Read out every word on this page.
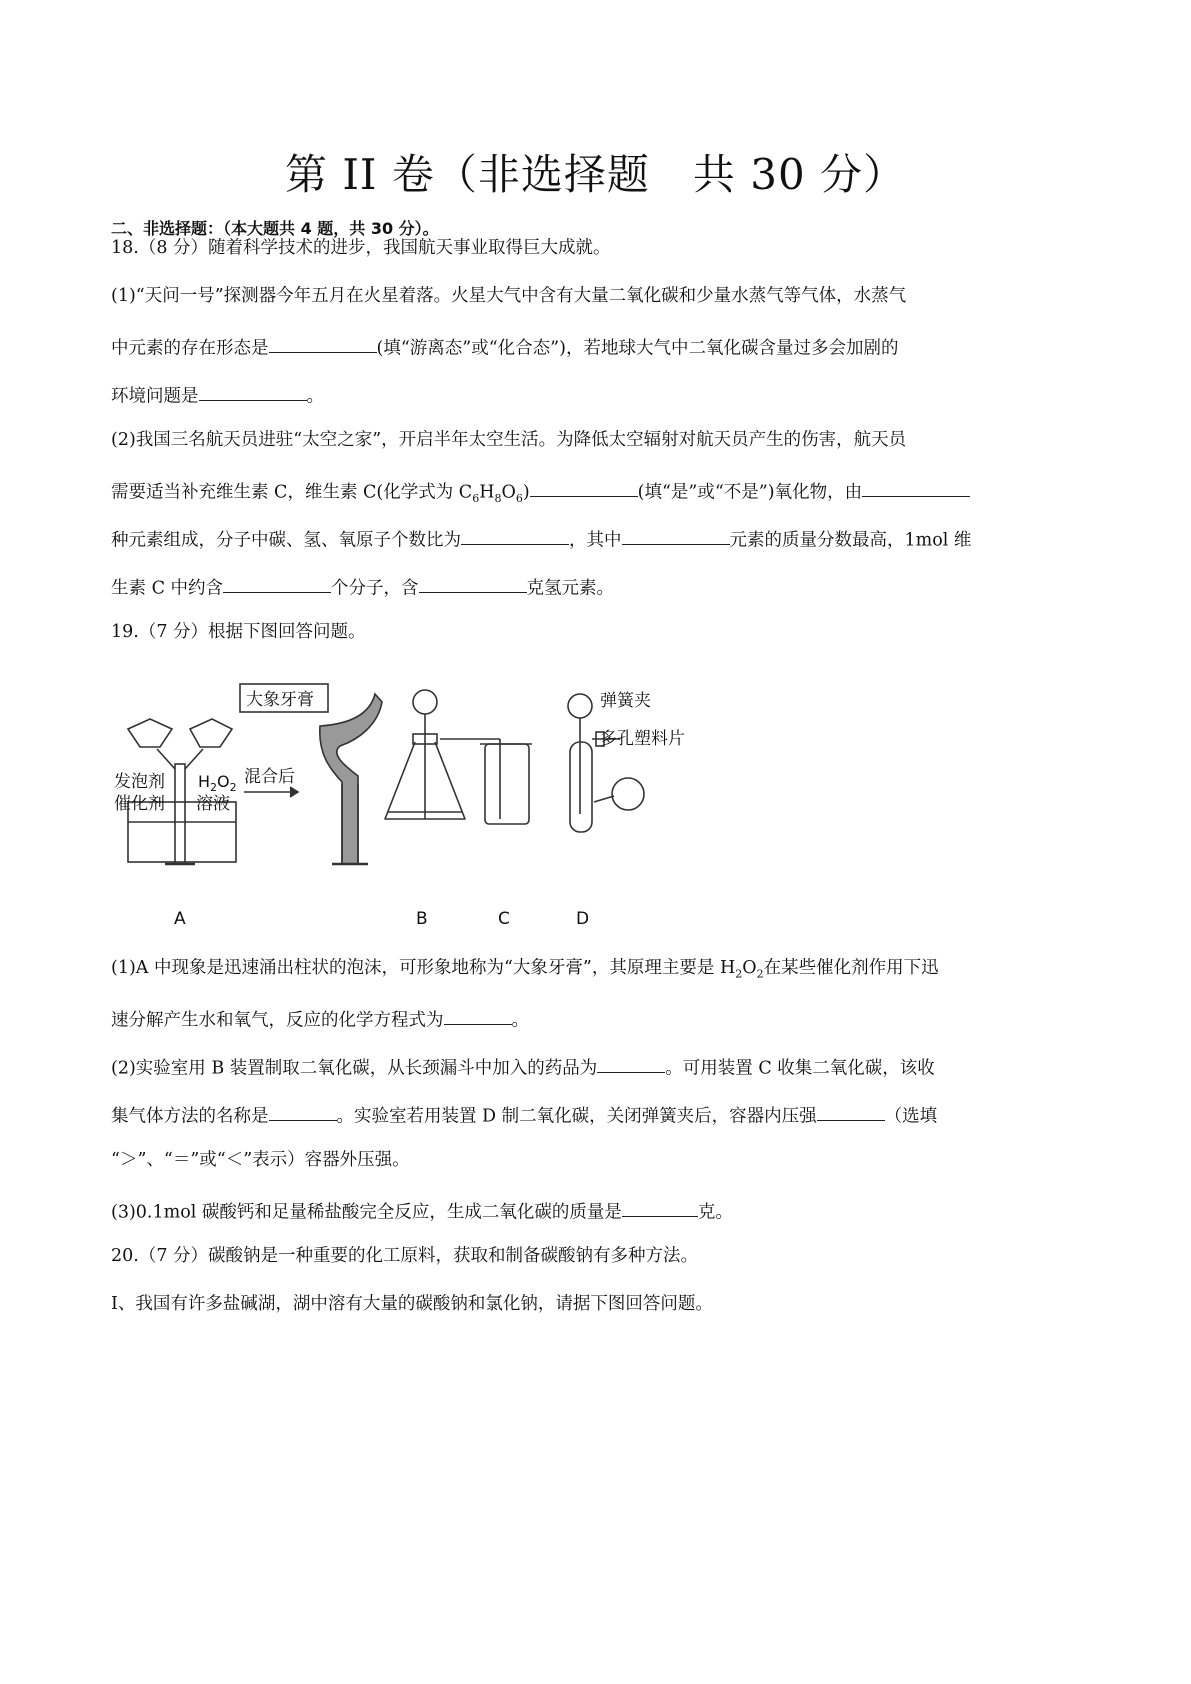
第 II 卷（非选择题　共 30 分）

二、非选择题：（本大题共 4 题，共 30 分）。

18.（8 分）随着科学技术的进步，我国航天事业取得巨大成就。

(1)“天问一号”探测器今年五月在火星着落。火星大气中含有大量二氧化碳和少量水蒸气等气体，水蒸气

中元素的存在形态是	(填“游离态”或“化合态”)，若地球大气中二氧化碳含量过多会加剧的

环境问题是	。

(2)我国三名航天员进驻“太空之家”，开启半年太空生活。为降低太空辐射对航天员产生的伤害，航天员

需要适当补充维生素 C，维生素 C(化学式为 $C_6H_8O_6$)	(填“是”或“不是”)氧化物，由

种元素组成，分子中碳、氢、氧原子个数比为	，其中	元素的质量分数最高，1mol 维

生素 C 中约含	个分子，含	克氢元素。

19.（7 分）根据下图回答问题。

发泡剂
催化剂
$H_2O_2$
溶液
混合后
A
大象牙膏
B	C
弹簧夹
多孔塑料片
D

(1)A 中现象是迅速涌出柱状的泡沫，可形象地称为“大象牙膏”，其原理主要是 $H_2O_2$在某些催化剂作用下迅

速分解产生水和氧气，反应的化学方程式为	。

(2)实验室用 B 装置制取二氧化碳，从长颈漏斗中加入的药品为	。可用装置 C 收集二氧化碳，该收

集气体方法的名称是	。实验室若用装置 D 制二氧化碳，关闭弹簧夹后，容器内压强	（选填

“＞”、“＝”或“＜”表示）容器外压强。

(3)0.1mol 碳酸钙和足量稀盐酸完全反应，生成二氧化碳的质量是	克。

20.（7 分）碳酸钠是一种重要的化工原料，获取和制备碳酸钠有多种方法。

I、我国有许多盐碱湖，湖中溶有大量的碳酸钠和氯化钠，请据下图回答问题。
